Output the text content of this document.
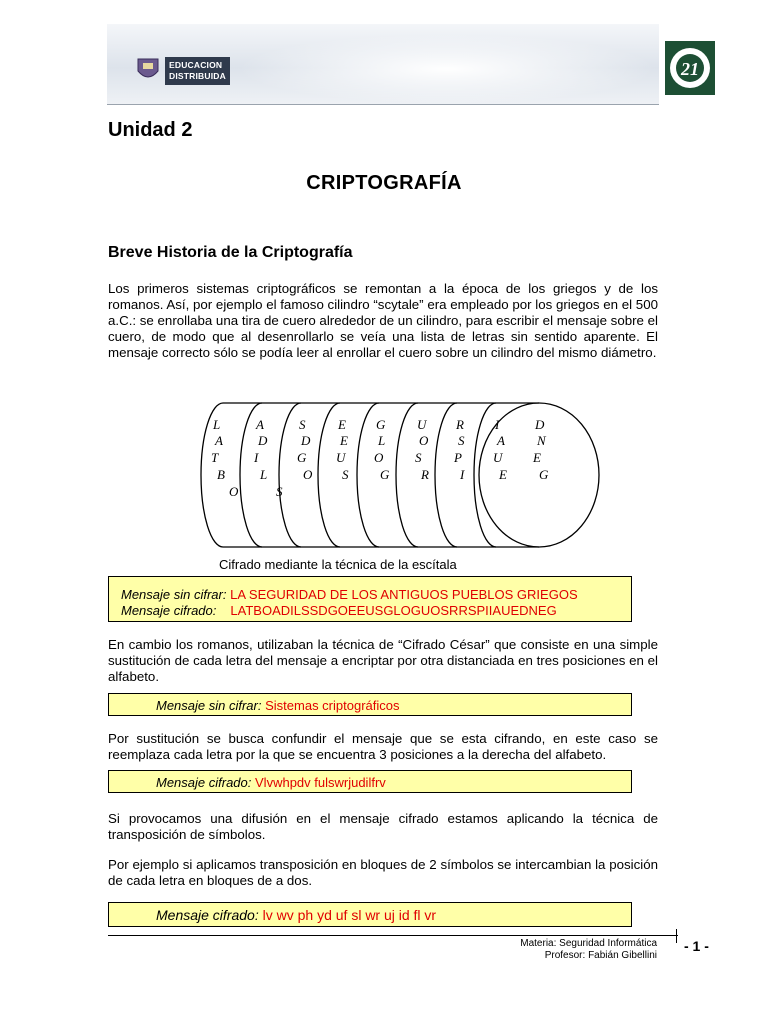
EDUCACION
DISTRIBUIDA	21
Unidad 2
CRIPTOGRAFÍA
Breve Historia de la Criptografía

Los primeros sistemas criptográficos se remontan a la época de los griegos y de los romanos. Así, por ejemplo el famoso cilindro “scytale” era empleado por los griegos en el 500 a.C.: se enrollaba una tira de cuero alrededor de un cilindro, para escribir el mensaje sobre el cuero, de modo que al desenrollarlo se veía una lista de letras sin sentido aparente. El mensaje correcto sólo se podía leer al enrollar el cuero sobre un cilindro del mismo diámetro.

L	A	S	E G U R I	D
A	D	D E L	O S	A N
T	I	G U O S	P U E
B	L	O S G R I	E G
O	S
Cifrado mediante la técnica de la escítala
Mensaje sin cifrar: LA SEGURIDAD DE LOS ANTIGUOS PUEBLOS GRIEGOS
Mensaje cifrado: LATBOADILSSDGOEEUSGLOGUOSRRSPIIAUEDNEG

En cambio los romanos, utilizaban la técnica de “Cifrado César” que consiste en una simple sustitución de cada letra del mensaje a encriptar por otra distanciada en tres posiciones en el alfabeto.

Mensaje sin cifrar: Sistemas criptográficos

Por sustitución se busca confundir el mensaje que se esta cifrando, en este caso se reemplaza cada letra por la que se encuentra 3 posiciones a la derecha del alfabeto.

Mensaje cifrado: Vlvwhpdv fulswrjudilfrv

Si provocamos una difusión en el mensaje cifrado estamos aplicando la técnica de transposición de símbolos.

Por ejemplo si aplicamos transposición en bloques de 2 símbolos se intercambian la posición de cada letra en bloques de a dos.

Mensaje cifrado: lv wv ph yd uf sl wr uj id fl vr
Materia: Seguridad Informática
Profesor: Fabián Gibellini
- 1 -
